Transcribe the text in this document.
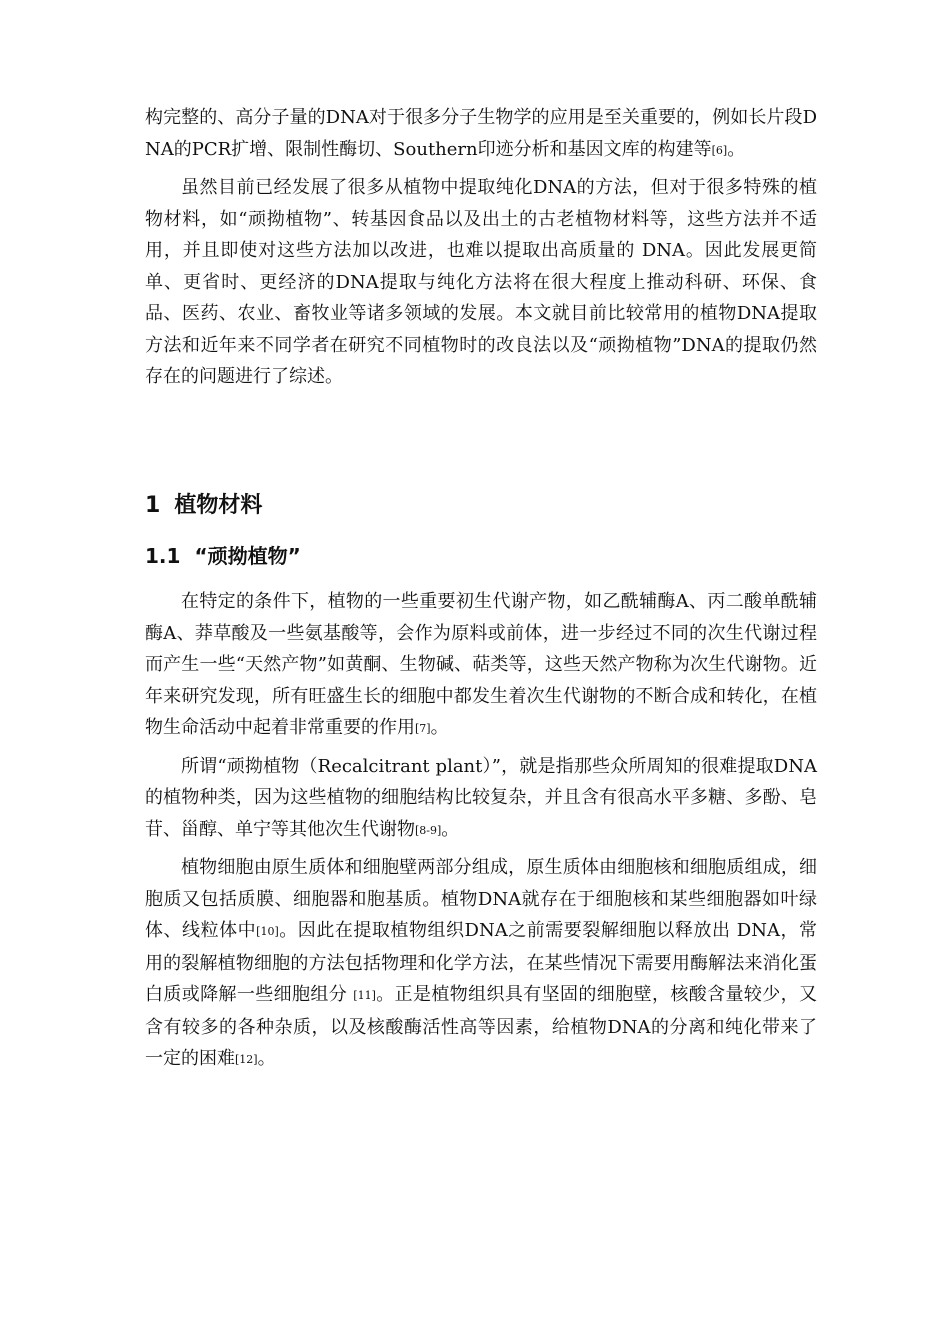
构完整的、高分子量的DNA对于很多分子生物学的应用是至关重要的，例如长片段DNA的PCR扩增、限制性酶切、Southern印迹分析和基因文库的构建等[6]。

虽然目前已经发展了很多从植物中提取纯化DNA的方法，但对于很多特殊的植物材料，如“顽拗植物”、转基因食品以及出土的古老植物材料等，这些方法并不适用，并且即使对这些方法加以改进，也难以提取出高质量的 DNA。因此发展更简单、更省时、更经济的DNA提取与纯化方法将在很大程度上推动科研、环保、食品、医药、农业、畜牧业等诸多领域的发展。本文就目前比较常用的植物DNA提取方法和近年来不同学者在研究不同植物时的改良法以及“顽拗植物”DNA的提取仍然存在的问题进行了综述。

1 植物材料
1.1 “顽拗植物”

在特定的条件下，植物的一些重要初生代谢产物，如乙酰辅酶A、丙二酸单酰辅酶A、莽草酸及一些氨基酸等，会作为原料或前体，进一步经过不同的次生代谢过程而产生一些“天然产物”如黄酮、生物碱、萜类等，这些天然产物称为次生代谢物。近年来研究发现，所有旺盛生长的细胞中都发生着次生代谢物的不断合成和转化，在植物生命活动中起着非常重要的作用[7]。

所谓“顽拗植物（Recalcitrant plant）”，就是指那些众所周知的很难提取DNA的植物种类，因为这些植物的细胞结构比较复杂，并且含有很高水平多糖、多酚、皂苷、甾醇、单宁等其他次生代谢物[8-9]。

植物细胞由原生质体和细胞壁两部分组成，原生质体由细胞核和细胞质组成，细胞质又包括质膜、细胞器和胞基质。植物DNA就存在于细胞核和某些细胞器如叶绿体、线粒体中[10]。因此在提取植物组织DNA之前需要裂解细胞以释放出 DNA，常用的裂解植物细胞的方法包括物理和化学方法，在某些情况下需要用酶解法来消化蛋白质或降解一些细胞组分 [11]。正是植物组织具有坚固的细胞壁，核酸含量较少，又含有较多的各种杂质，以及核酸酶活性高等因素，给植物DNA的分离和纯化带来了一定的困难[12]。
